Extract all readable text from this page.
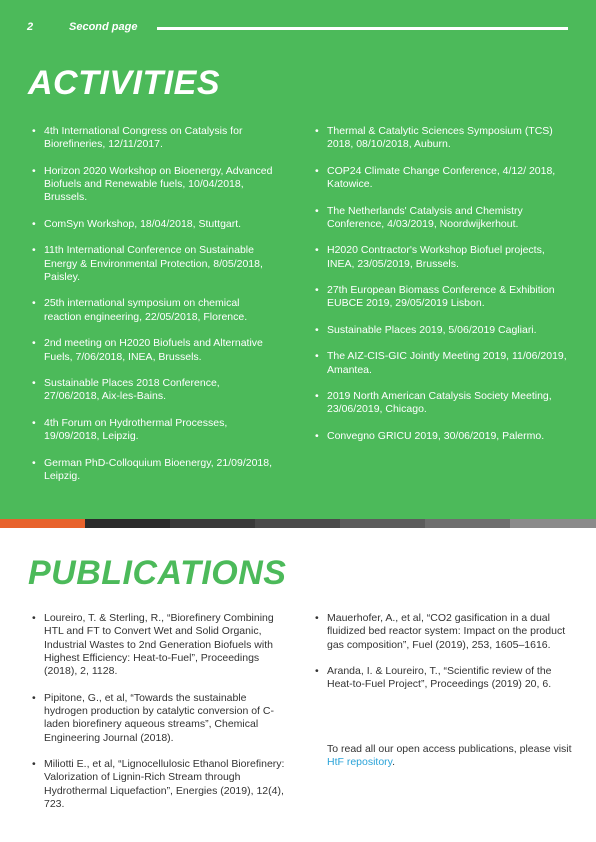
2	Second page
ACTIVITIES
• 4th International Congress on Catalysis for Biorefineries, 12/11/2017.
• Horizon 2020 Workshop on Bioenergy, Advanced Biofuels and Renewable fuels, 10/04/2018, Brussels.
• ComSyn Workshop, 18/04/2018, Stuttgart.
• 11th International Conference on Sustainable Energy & Environmental Protection, 8/05/2018, Paisley.
• 25th international symposium on chemical reaction engineering, 22/05/2018, Florence.
• 2nd meeting on H2020 Biofuels and Alternative Fuels, 7/06/2018, INEA, Brussels.
• Sustainable Places 2018 Conference, 27/06/2018, Aix-les-Bains.
• 4th Forum on Hydrothermal Processes, 19/09/2018, Leipzig.
• German PhD-Colloquium Bioenergy, 21/09/2018, Leipzig.
• Thermal & Catalytic Sciences Symposium (TCS) 2018, 08/10/2018, Auburn.
• COP24 Climate Change Conference, 4/12/ 2018, Katowice.
• The Netherlands' Catalysis and Chemistry Conference, 4/03/2019, Noordwijkerhout.
• H2020 Contractor's Workshop Biofuel projects, INEA, 23/05/2019, Brussels.
• 27th European Biomass Conference & Exhibition EUBCE 2019, 29/05/2019 Lisbon.
• Sustainable Places 2019, 5/06/2019 Cagliari.
• The AIZ-CIS-GIC Jointly Meeting 2019, 11/06/2019, Amantea.
• 2019 North American Catalysis Society Meeting, 23/06/2019, Chicago.
• Convegno GRICU 2019, 30/06/2019, Palermo.
PUBLICATIONS
• Loureiro, T. & Sterling, R., “Biorefinery Combining HTL and FT to Convert Wet and Solid Organic, Industrial Wastes to 2nd Generation Biofuels with Highest Efficiency: Heat-to-Fuel”, Proceedings (2018), 2, 1128.
• Pipitone, G., et al, “Towards the sustainable hydrogen production by catalytic conversion of C-laden biorefinery aqueous streams”, Chemical Engineering Journal (2018).
• Miliotti E., et al, “Lignocellulosic Ethanol Biorefinery: Valorization of Lignin-Rich Stream through Hydrothermal Liquefaction”, Energies (2019), 12(4), 723.
• Mauerhofer, A., et al, “CO2 gasification in a dual fluidized bed reactor system: Impact on the product gas composition”, Fuel (2019), 253, 1605–1616.
• Aranda, I. & Loureiro, T., “Scientific review of the Heat-to-Fuel Project”, Proceedings (2019) 20, 6.

To read all our open access publications, please visit HtF repository.
